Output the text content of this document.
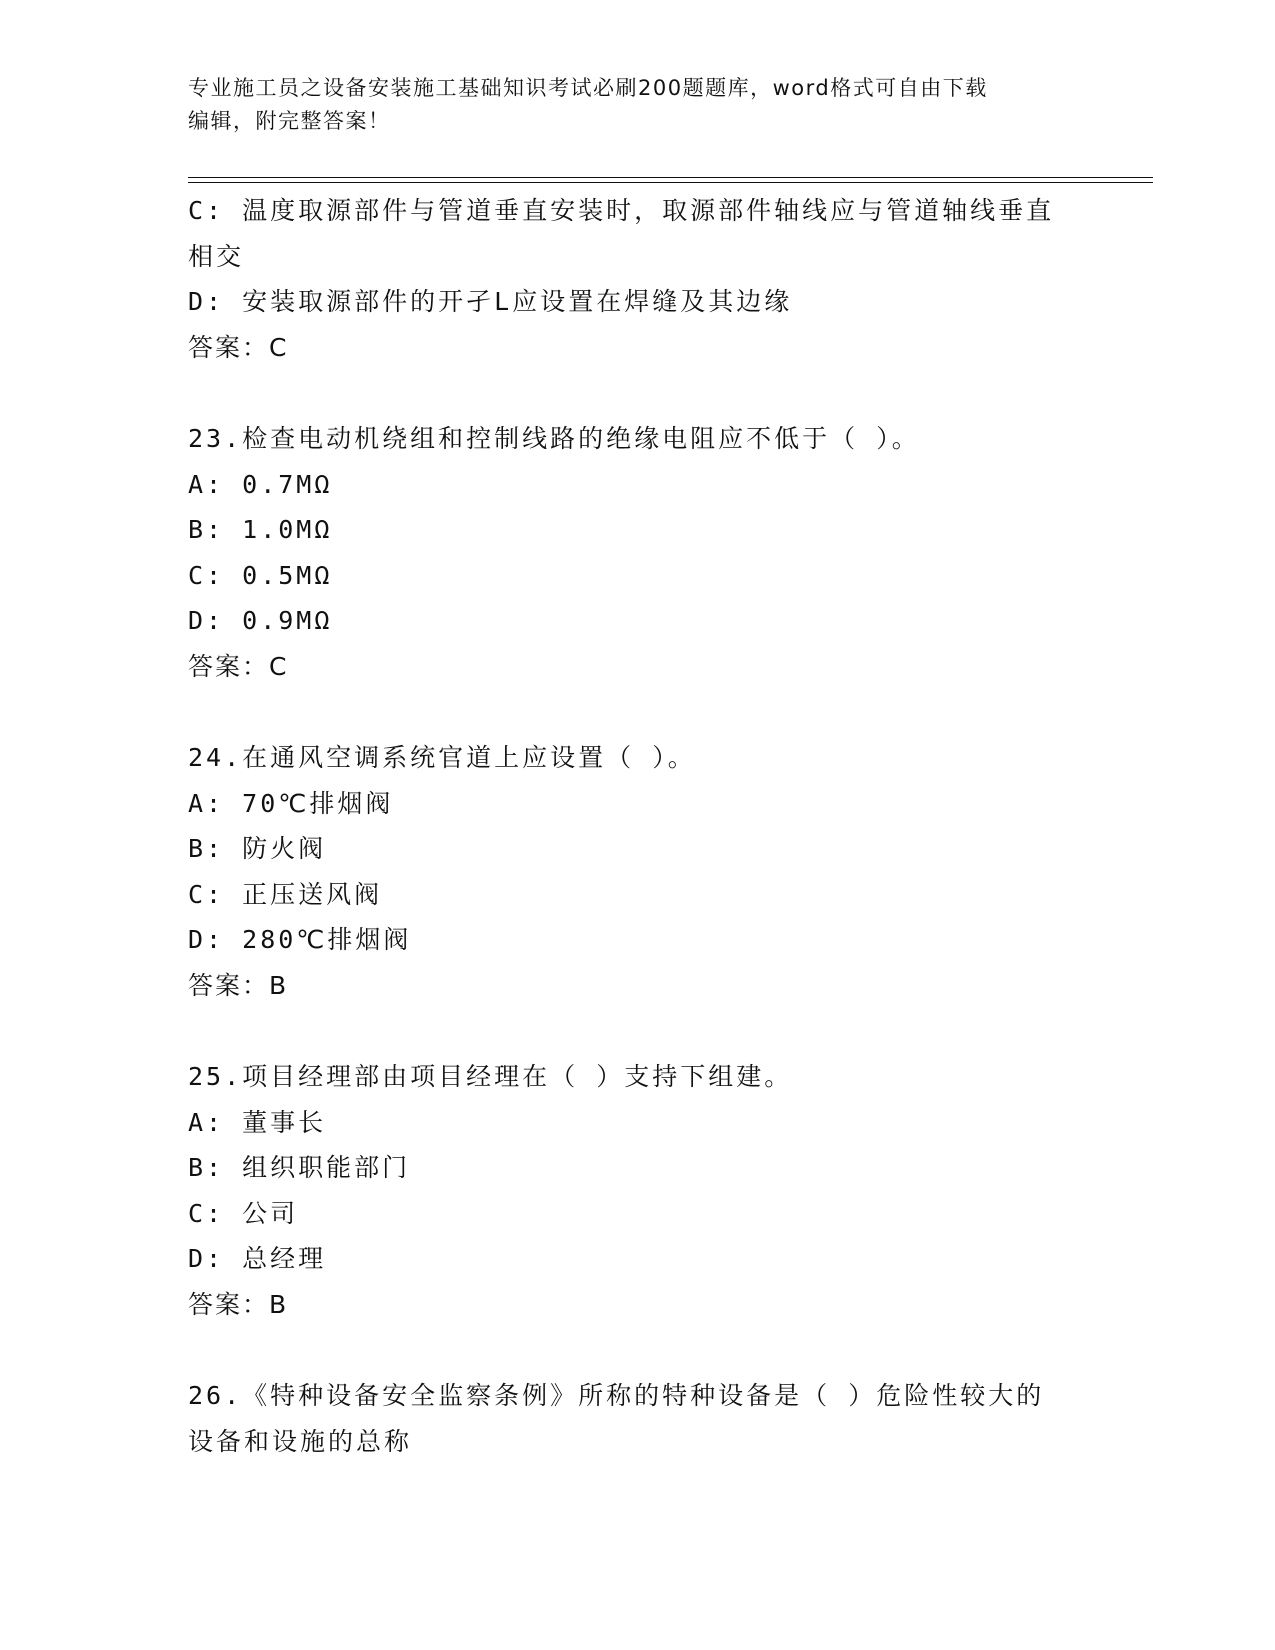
专业施工员之设备安装施工基础知识考试必刷200题题库，word格式可自由下载
编辑，附完整答案！
C: 温度取源部件与管道垂直安装时，取源部件轴线应与管道轴线垂直
相交
D: 安装取源部件的开孑L应设置在焊缝及其边缘
答案：C
23.检查电动机绕组和控制线路的绝缘电阻应不低于（ ）。
A: 0.7MΩ
B: 1.0MΩ
C: 0.5MΩ
D: 0.9MΩ
答案：C
24.在通风空调系统官道上应设置（ ）。
A: 70℃排烟阀
B: 防火阀
C: 正压送风阀
D: 280℃排烟阀
答案：B
25.项目经理部由项目经理在（ ）支持下组建。
A: 董事长
B: 组织职能部门
C: 公司
D: 总经理
答案：B
26.《特种设备安全监察条例》所称的特种设备是（ ）危险性较大的
设备和设施的总称
